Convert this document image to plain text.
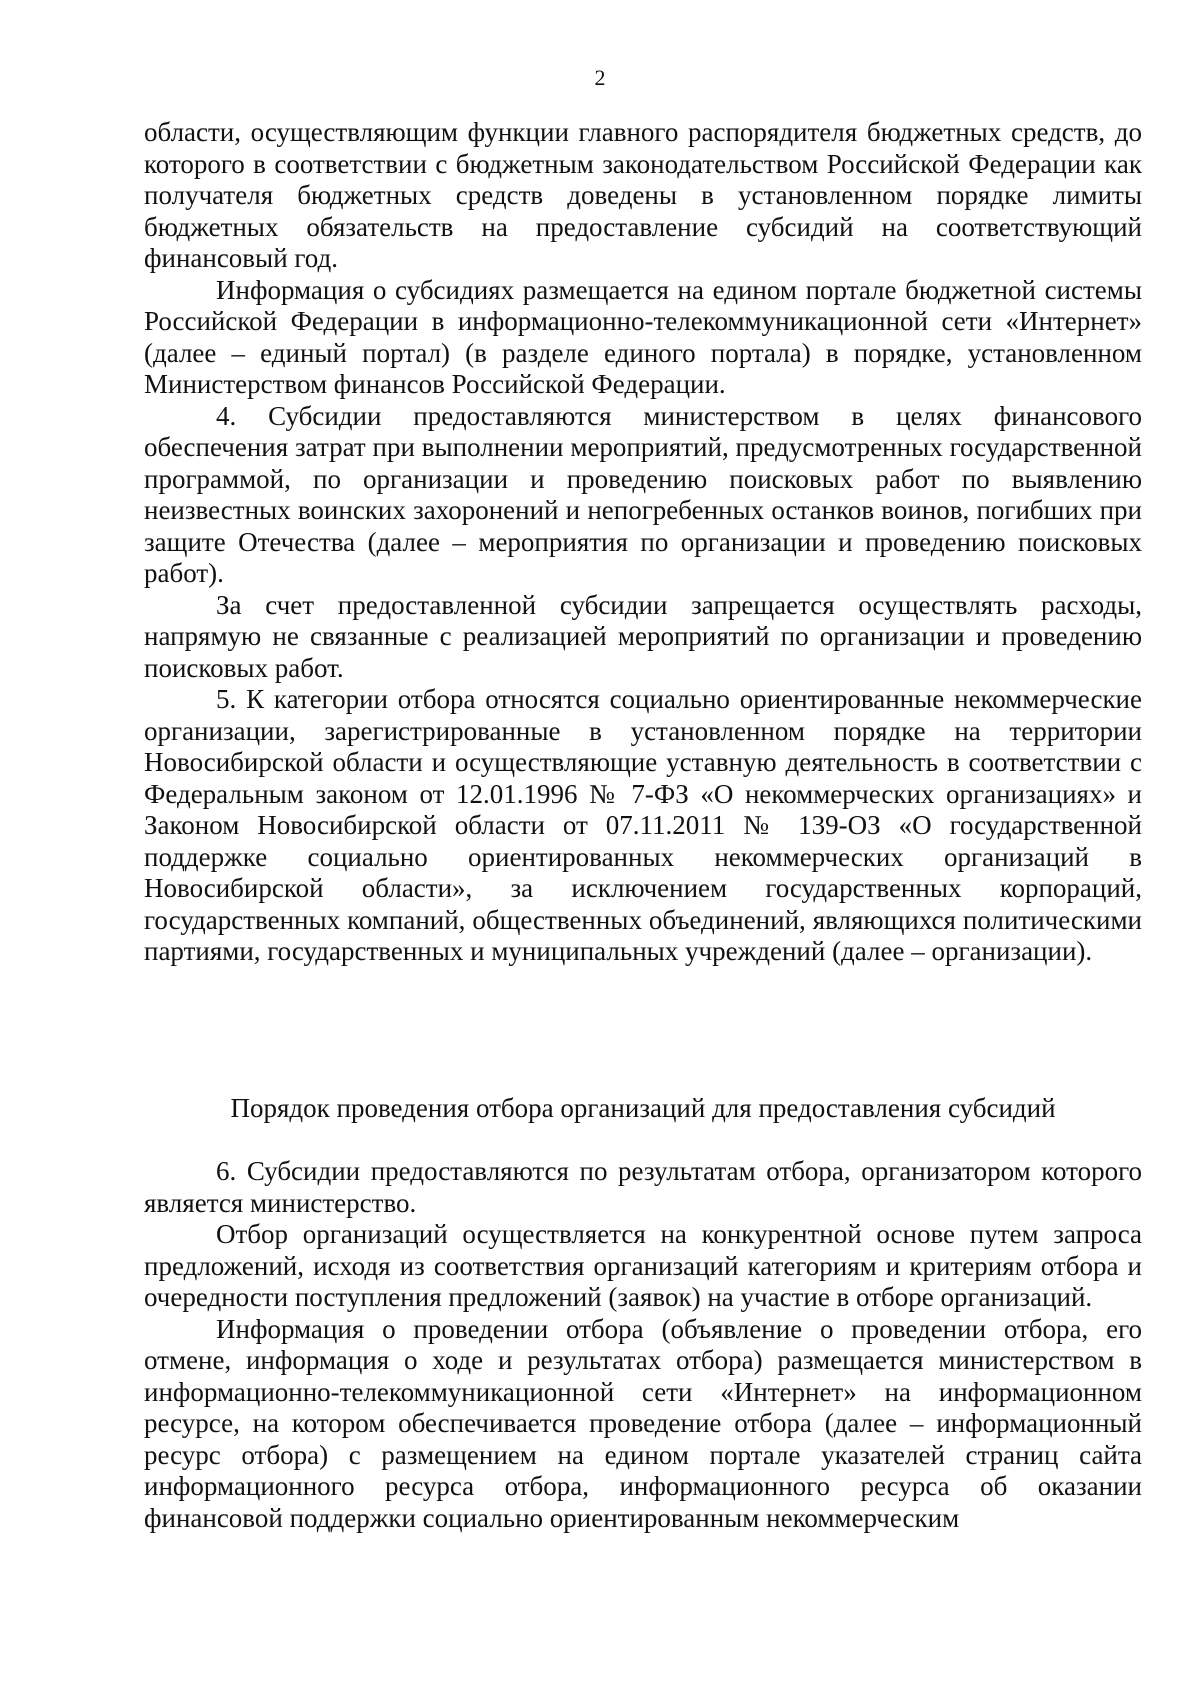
2

области, осуществляющим функции главного распорядителя бюджетных средств, до которого в соответствии с бюджетным законодательством Российской Федерации как получателя бюджетных средств доведены в установленном порядке лимиты бюджетных обязательств на предоставление субсидий на соответствующий финансовый год.

Информация о субсидиях размещается на едином портале бюджетной системы Российской Федерации в информационно-телекоммуникационной сети «Интернет» (далее – единый портал) (в разделе единого портала) в порядке, установленном Министерством финансов Российской Федерации.

4. Субсидии предоставляются министерством в целях финансового обеспечения затрат при выполнении мероприятий, предусмотренных государственной программой, по организации и проведению поисковых работ по выявлению неизвестных воинских захоронений и непогребенных останков воинов, погибших при защите Отечества (далее – мероприятия по организации и проведению поисковых работ).

За счет предоставленной субсидии запрещается осуществлять расходы, напрямую не связанные с реализацией мероприятий по организации и проведению поисковых работ.

5. К категории отбора относятся социально ориентированные некоммерческие организации, зарегистрированные в установленном порядке на территории Новосибирской области и осуществляющие уставную деятельность в соответствии с Федеральным законом от 12.01.1996 № 7-ФЗ «О некоммерческих организациях» и Законом Новосибирской области от 07.11.2011 № 139-ОЗ «О государственной поддержке социально ориентированных некоммерческих организаций в Новосибирской области», за исключением государственных корпораций, государственных компаний, общественных объединений, являющихся политическими партиями, государственных и муниципальных учреждений (далее – организации).

Порядок проведения отбора организаций для предоставления субсидий

6. Субсидии предоставляются по результатам отбора, организатором которого является министерство.

Отбор организаций осуществляется на конкурентной основе путем запроса предложений, исходя из соответствия организаций категориям и критериям отбора и очередности поступления предложений (заявок) на участие в отборе организаций.

Информация о проведении отбора (объявление о проведении отбора, его отмене, информация о ходе и результатах отбора) размещается министерством в информационно-телекоммуникационной сети «Интернет» на информационном ресурсе, на котором обеспечивается проведение отбора (далее – информационный ресурс отбора) с размещением на едином портале указателей страниц сайта информационного ресурса отбора, информационного ресурса об оказании финансовой поддержки социально ориентированным некоммерческим
